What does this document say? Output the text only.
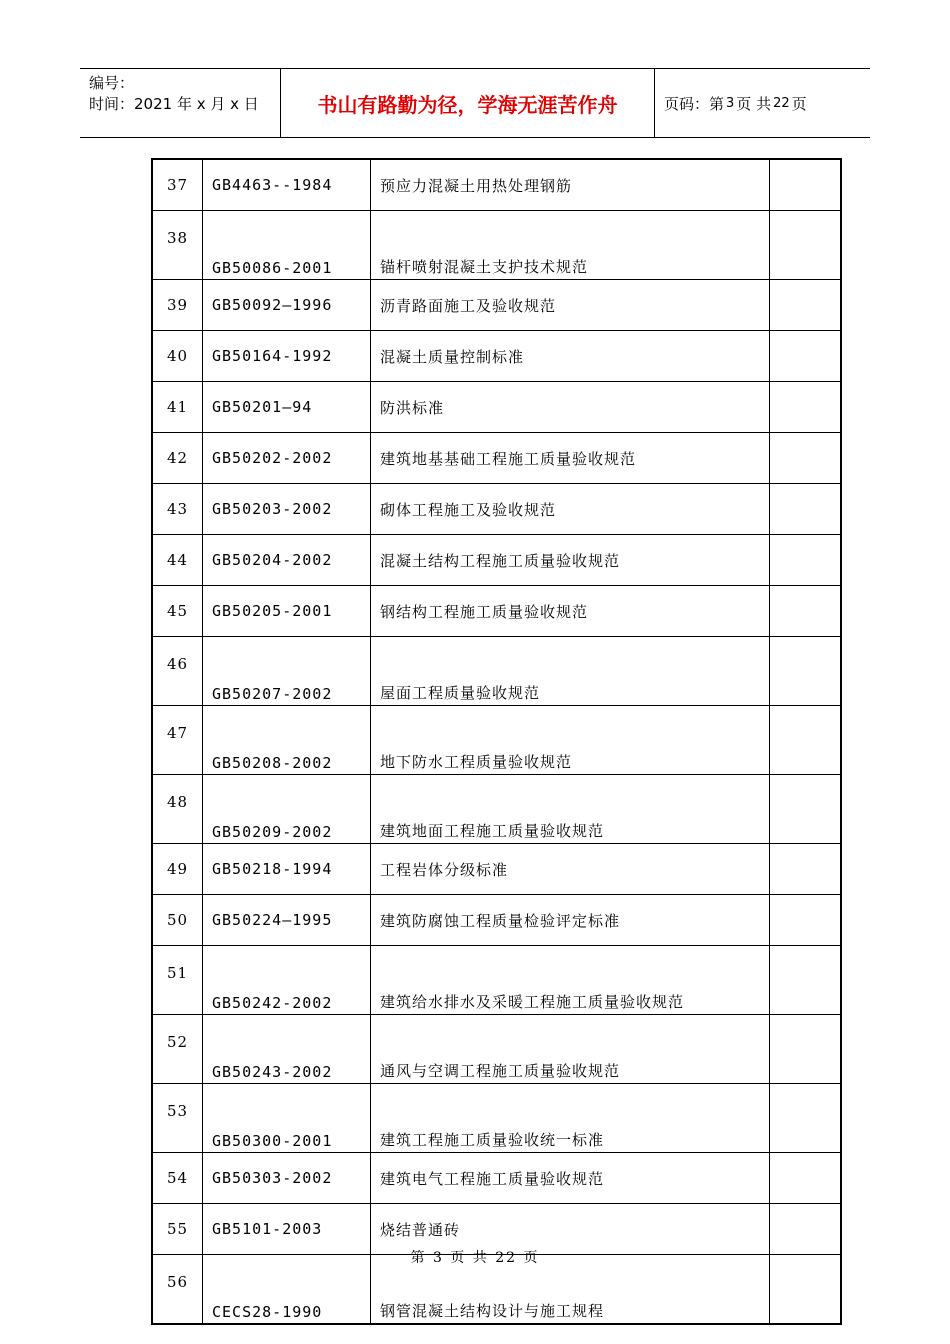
编号：
时间：2021 年 x 月 x 日	书山有路勤为径，学海无涯苦作舟	页码：第 3 页 共 22 页
37	GB4463--1984	预应力混凝土用热处理钢筋	
38	GB50086-2001	锚杆喷射混凝土支护技术规范	
39	GB50092—1996	沥青路面施工及验收规范	
40	GB50164-1992	混凝土质量控制标准	
41	GB50201—94	防洪标准	
42	GB50202-2002	建筑地基基础工程施工质量验收规范	
43	GB50203-2002	砌体工程施工及验收规范	
44	GB50204-2002	混凝土结构工程施工质量验收规范	
45	GB50205-2001	钢结构工程施工质量验收规范	
46	GB50207-2002	屋面工程质量验收规范	
47	GB50208-2002	地下防水工程质量验收规范	
48	GB50209-2002	建筑地面工程施工质量验收规范	
49	GB50218-1994	工程岩体分级标准	
50	GB50224—1995	建筑防腐蚀工程质量检验评定标准	
51	GB50242-2002	建筑给水排水及采暖工程施工质量验收规范	
52	GB50243-2002	通风与空调工程施工质量验收规范	
53	GB50300-2001	建筑工程施工质量验收统一标准	
54	GB50303-2002	建筑电气工程施工质量验收规范	
55	GB5101-2003	烧结普通砖	
56	CECS28-1990	钢管混凝土结构设计与施工规程	
第 3 页 共 22 页
